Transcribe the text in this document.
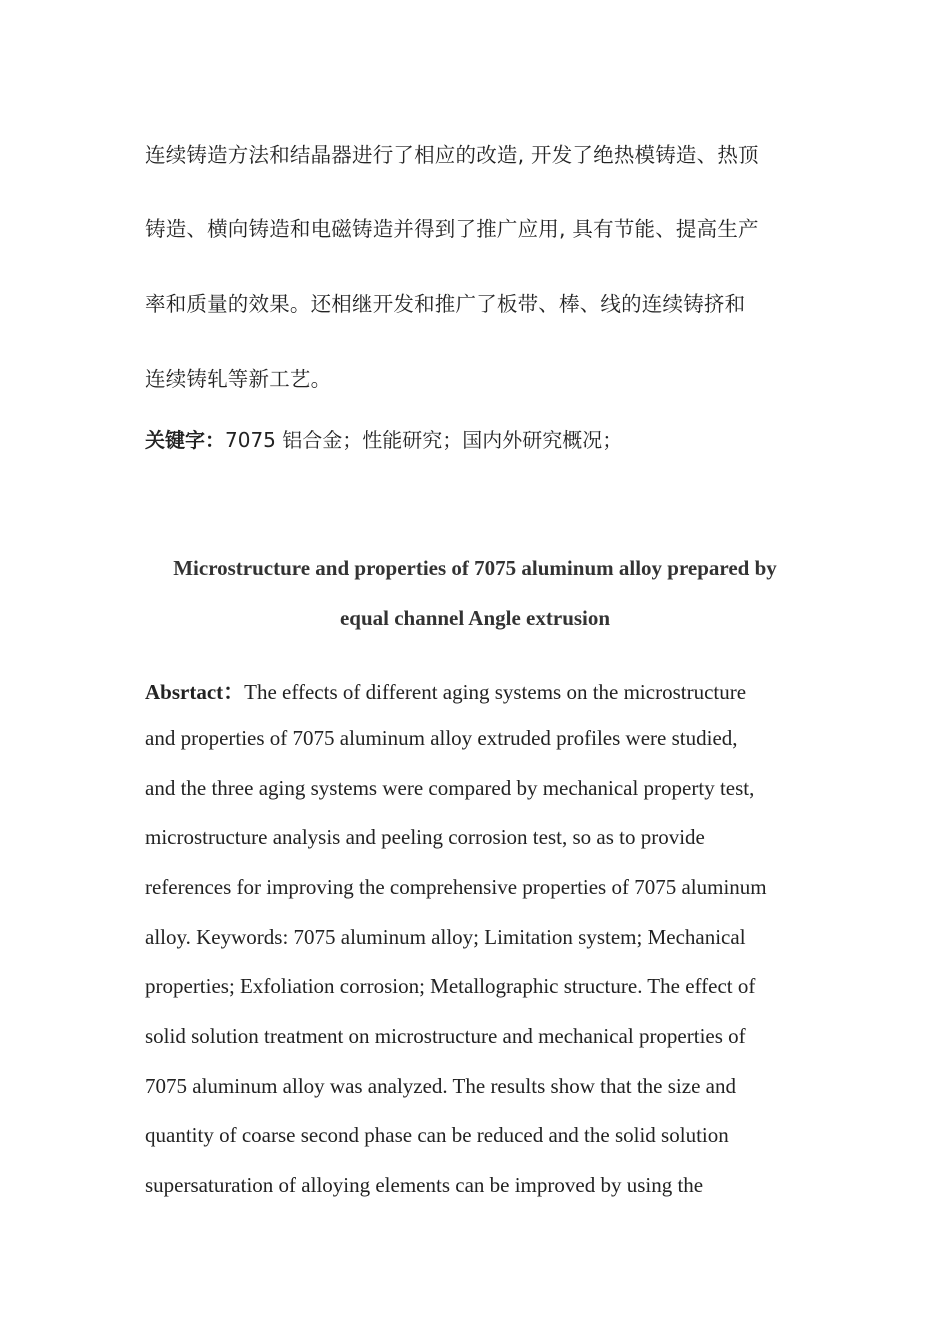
连续铸造方法和结晶器进行了相应的改造, 开发了绝热模铸造、热顶
铸造、横向铸造和电磁铸造并得到了推广应用, 具有节能、提高生产
率和质量的效果。还相继开发和推广了板带、棒、线的连续铸挤和
连续铸轧等新工艺。
关键字：7075 铝合金；性能研究；国内外研究概况；
Microstructure and properties of 7075 aluminum alloy prepared by
equal channel Angle extrusion
Absrtact：The effects of different aging systems on the microstructure
and properties of 7075 aluminum alloy extruded profiles were studied,
and the three aging systems were compared by mechanical property test,
microstructure analysis and peeling corrosion test, so as to provide
references for improving the comprehensive properties of 7075 aluminum
alloy. Keywords: 7075 aluminum alloy; Limitation system; Mechanical
properties; Exfoliation corrosion; Metallographic structure. The effect of
solid solution treatment on microstructure and mechanical properties of
7075 aluminum alloy was analyzed. The results show that the size and
quantity of coarse second phase can be reduced and the solid solution
supersaturation of alloying elements can be improved by using the
